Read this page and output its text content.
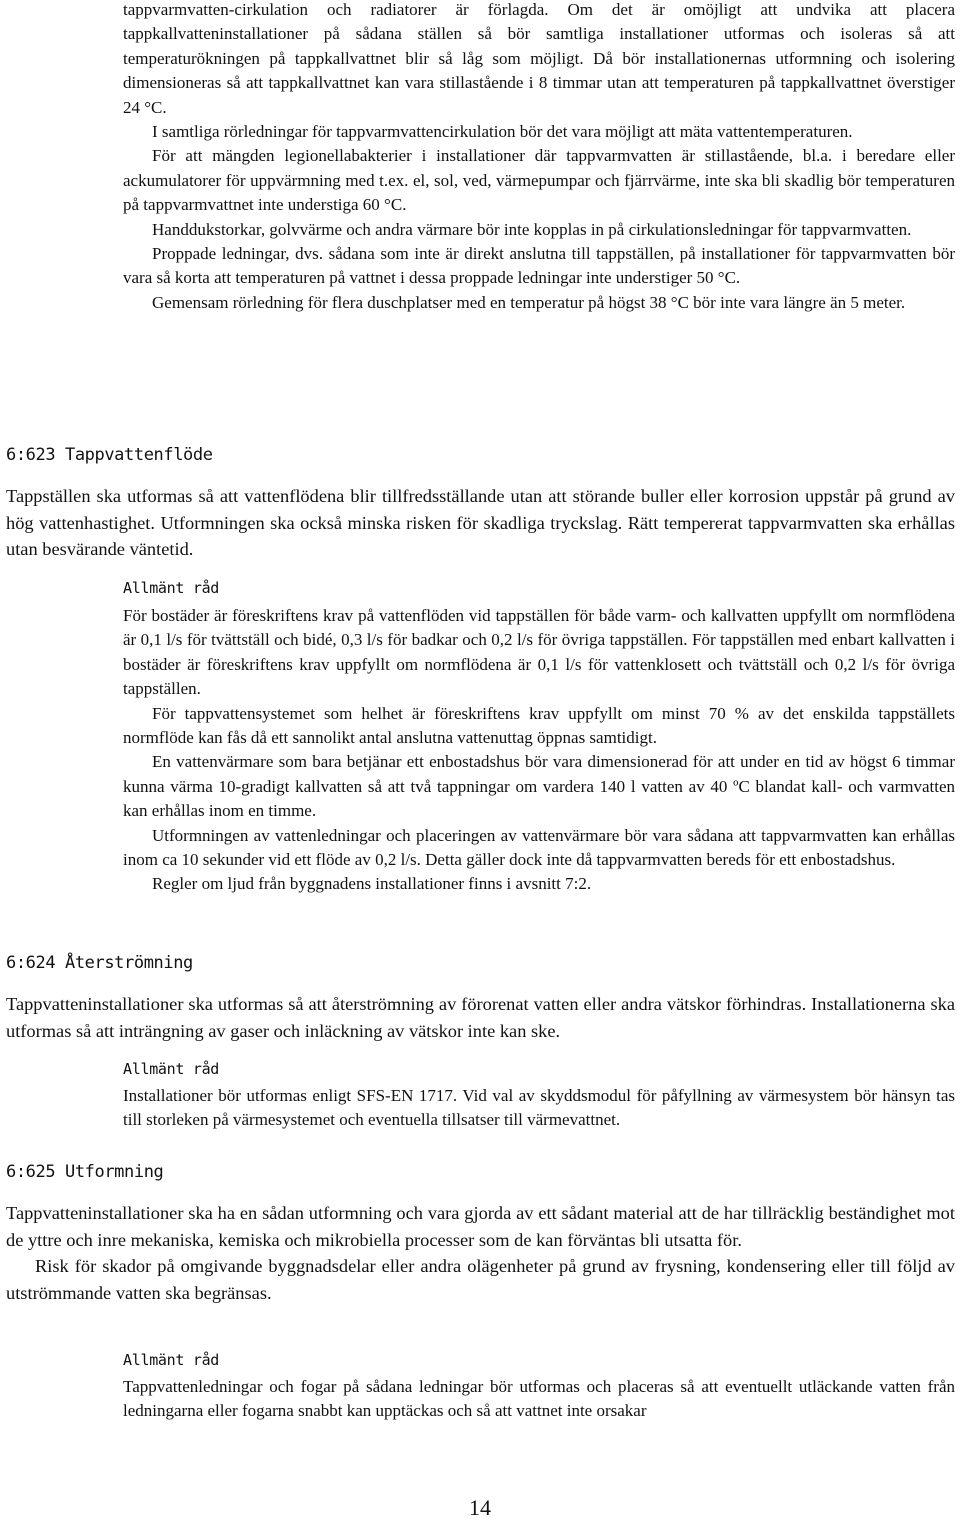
tappvarmvatten-cirkulation och radiatorer är förlagda. Om det är omöjligt att undvika att placera tappkallvatteninstallationer på sådana ställen så bör samtliga installationer utformas och isoleras så att temperaturökningen på tappkallvattnet blir så låg som möjligt. Då bör installationernas utformning och isolering dimensioneras så att tappkallvattnet kan vara stillastående i 8 timmar utan att temperaturen på tappkallvattnet överstiger 24 °C.

I samtliga rörledningar för tappvarmvattencirkulation bör det vara möjligt att mäta vattentemperaturen.

För att mängden legionellabakterier i installationer där tappvarmvatten är stillastående, bl.a. i beredare eller ackumulatorer för uppvärmning med t.ex. el, sol, ved, värmepumpar och fjärrvärme, inte ska bli skadlig bör temperaturen på tappvarmvattnet inte understiga 60 °C.

Handdukstorkar, golvvärme och andra värmare bör inte kopplas in på cirkulationsledningar för tappvarmvatten.

Proppade ledningar, dvs. sådana som inte är direkt anslutna till tappställen, på installationer för tappvarmvatten bör vara så korta att temperaturen på vattnet i dessa proppade ledningar inte understiger 50 °C.

Gemensam rörledning för flera duschplatser med en temperatur på högst 38 °C bör inte vara längre än 5 meter.

6:623 Tappvattenflöde

Tappställen ska utformas så att vattenflödena blir tillfredsställande utan att störande buller eller korrosion uppstår på grund av hög vattenhastighet. Utformningen ska också minska risken för skadliga tryckslag. Rätt tempererat tappvarmvatten ska erhållas utan besvärande väntetid.

Allmänt råd

För bostäder är föreskriftens krav på vattenflöden vid tappställen för både varm- och kallvatten uppfyllt om normflödena är 0,1 l/s för tvättställ och bidé, 0,3 l/s för badkar och 0,2 l/s för övriga tappställen. För tappställen med enbart kallvatten i bostäder är föreskriftens krav uppfyllt om normflödena är 0,1 l/s för vattenklosett och tvättställ och 0,2 l/s för övriga tappställen.

För tappvattensystemet som helhet är föreskriftens krav uppfyllt om minst 70 % av det enskilda tappställets normflöde kan fås då ett sannolikt antal anslutna vattenuttag öppnas samtidigt.

En vattenvärmare som bara betjänar ett enbostadshus bör vara dimensionerad för att under en tid av högst 6 timmar kunna värma 10-gradigt kallvatten så att två tappningar om vardera 140 l vatten av 40 ºC blandat kall- och varmvatten kan erhållas inom en timme.

Utformningen av vattenledningar och placeringen av vattenvärmare bör vara sådana att tappvarmvatten kan erhållas inom ca 10 sekunder vid ett flöde av 0,2 l/s. Detta gäller dock inte då tappvarmvatten bereds för ett enbostadshus.

Regler om ljud från byggnadens installationer finns i avsnitt 7:2.

6:624 Återströmning

Tappvatteninstallationer ska utformas så att återströmning av förorenat vatten eller andra vätskor förhindras. Installationerna ska utformas så att inträngning av gaser och inläckning av vätskor inte kan ske.

Allmänt råd

Installationer bör utformas enligt SFS-EN 1717. Vid val av skyddsmodul för påfyllning av värmesystem bör hänsyn tas till storleken på värmesystemet och eventuella tillsatser till värmevattnet.

6:625 Utformning

Tappvatteninstallationer ska ha en sådan utformning och vara gjorda av ett sådant material att de har tillräcklig beständighet mot de yttre och inre mekaniska, kemiska och mikrobiella processer som de kan förväntas bli utsatta för.

Risk för skador på omgivande byggnadsdelar eller andra olägenheter på grund av frysning, kondensering eller till följd av utströmmande vatten ska begränsas.

Allmänt råd

Tappvattenledningar och fogar på sådana ledningar bör utformas och placeras så att eventuellt utläckande vatten från ledningarna eller fogarna snabbt kan upptäckas och så att vattnet inte orsakar

14
